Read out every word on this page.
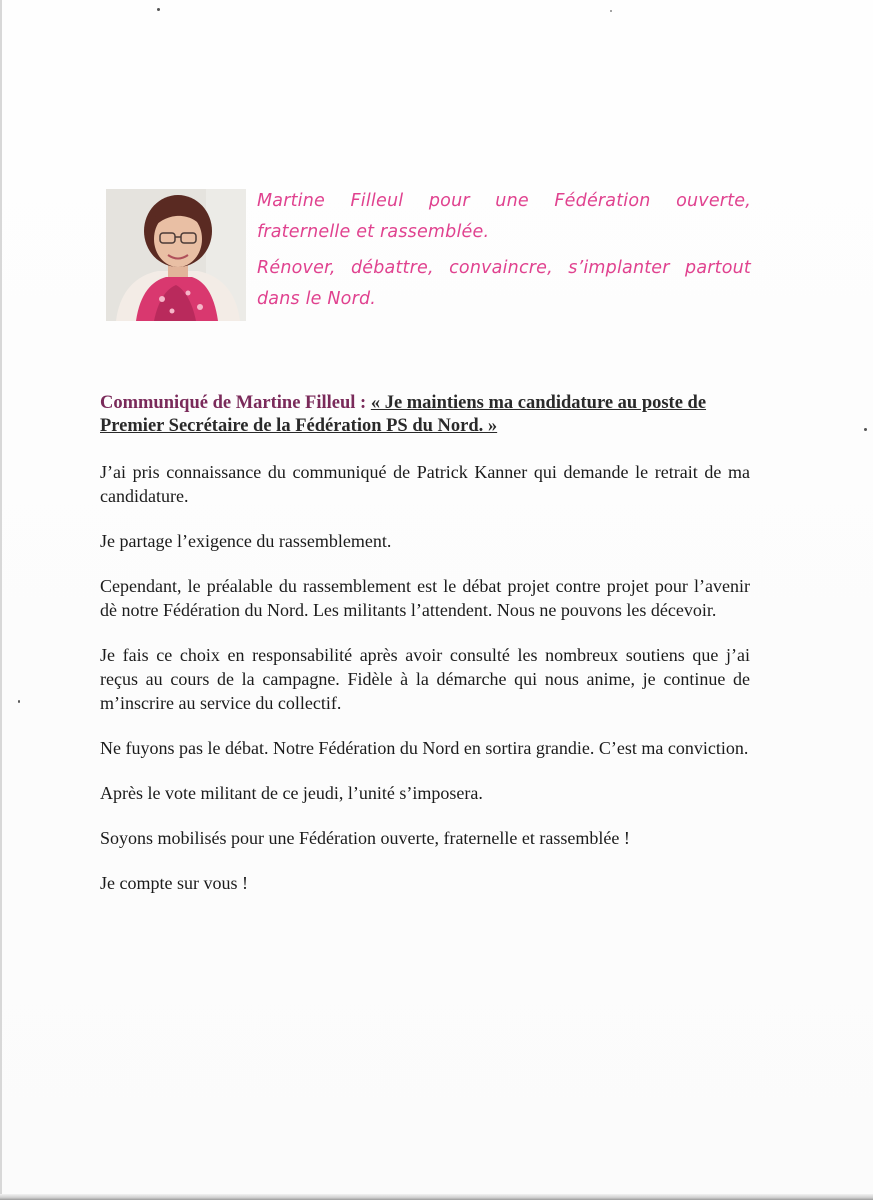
Martine Filleul pour une Fédération ouverte, fraternelle et rassemblée.

Rénover, débattre, convaincre, s’implanter partout dans le Nord.

Communiqué de Martine Filleul : « Je maintiens ma candidature au poste de Premier Secrétaire de la Fédération PS du Nord. »

J’ai pris connaissance du communiqué de Patrick Kanner qui demande le retrait de ma candidature.

Je partage l’exigence du rassemblement.

Cependant, le préalable du rassemblement est le débat projet contre projet pour l’avenir dè notre Fédération du Nord. Les militants l’attendent. Nous ne pouvons les décevoir.

Je fais ce choix en responsabilité après avoir consulté les nombreux soutiens que j’ai reçus au cours de la campagne. Fidèle à la démarche qui nous anime, je continue de m’inscrire au service du collectif.

Ne fuyons pas le débat. Notre Fédération du Nord en sortira grandie. C’est ma conviction.

Après le vote militant de ce jeudi, l’unité s’imposera.

Soyons mobilisés pour une Fédération ouverte, fraternelle et rassemblée !

Je compte sur vous !
